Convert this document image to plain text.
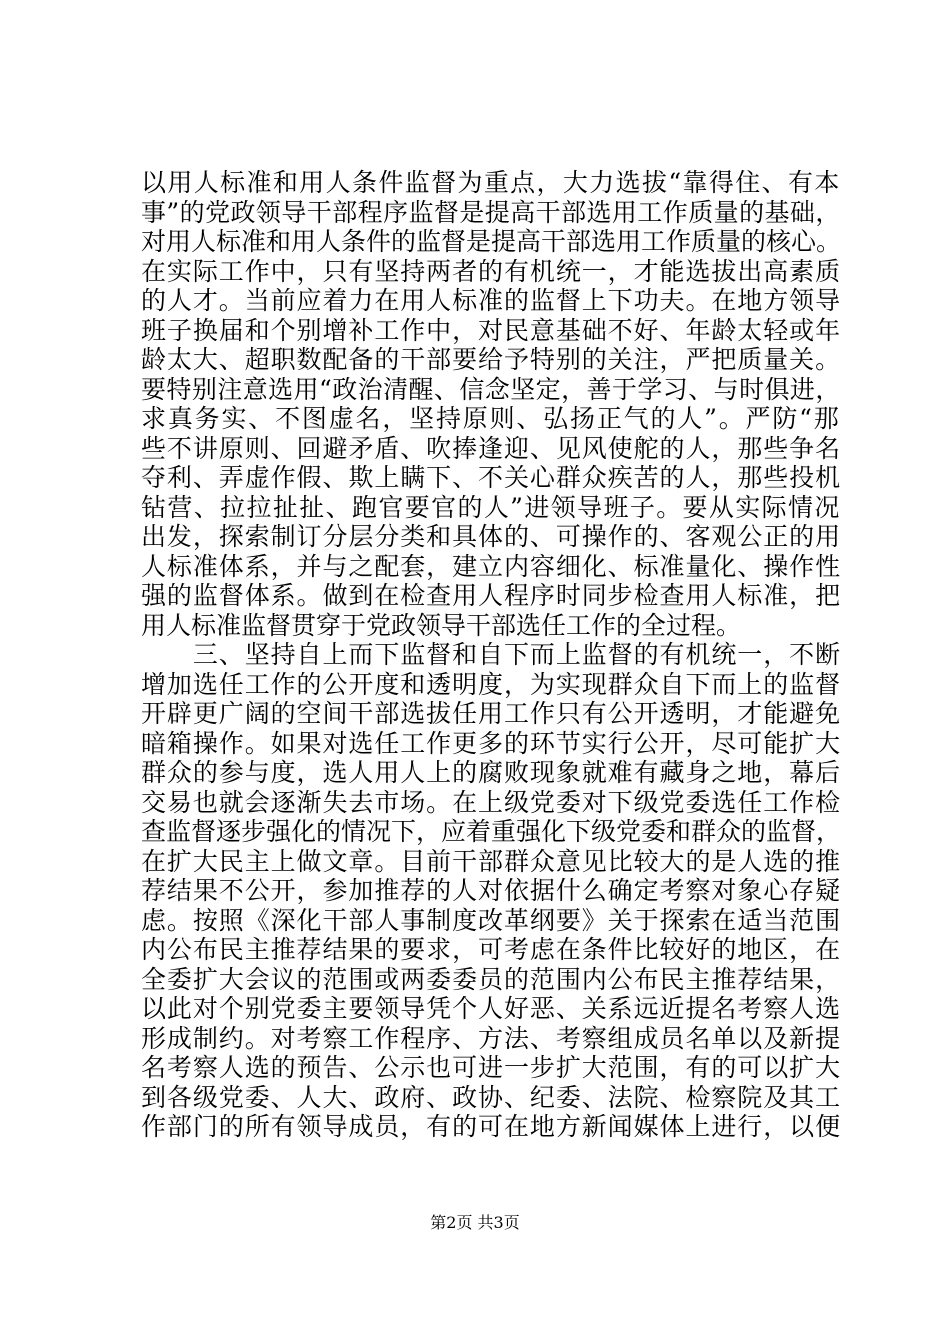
以用人标准和用人条件监督为重点，大力选拔“靠得住、有本
事”的党政领导干部程序监督是提高干部选用工作质量的基础，
对用人标准和用人条件的监督是提高干部选用工作质量的核心。
在实际工作中，只有坚持两者的有机统一，才能选拔出高素质
的人才。当前应着力在用人标准的监督上下功夫。在地方领导
班子换届和个别增补工作中，对民意基础不好、年龄太轻或年
龄太大、超职数配备的干部要给予特别的关注，严把质量关。
要特别注意选用“政治清醒、信念坚定，善于学习、与时俱进，
求真务实、不图虚名，坚持原则、弘扬正气的人”。严防“那
些不讲原则、回避矛盾、吹捧逢迎、见风使舵的人，那些争名
夺利、弄虚作假、欺上瞒下、不关心群众疾苦的人，那些投机
钻营、拉拉扯扯、跑官要官的人”进领导班子。要从实际情况
出发，探索制订分层分类和具体的、可操作的、客观公正的用
人标准体系，并与之配套，建立内容细化、标准量化、操作性
强的监督体系。做到在检查用人程序时同步检查用人标准，把
用人标准监督贯穿于党政领导干部选任工作的全过程。
　　三、坚持自上而下监督和自下而上监督的有机统一，不断
增加选任工作的公开度和透明度，为实现群众自下而上的监督
开辟更广阔的空间干部选拔任用工作只有公开透明，才能避免
暗箱操作。如果对选任工作更多的环节实行公开，尽可能扩大
群众的参与度，选人用人上的腐败现象就难有藏身之地，幕后
交易也就会逐渐失去市场。在上级党委对下级党委选任工作检
查监督逐步强化的情况下，应着重强化下级党委和群众的监督，
在扩大民主上做文章。目前干部群众意见比较大的是人选的推
荐结果不公开，参加推荐的人对依据什么确定考察对象心存疑
虑。按照《深化干部人事制度改革纲要》关于探索在适当范围
内公布民主推荐结果的要求，可考虑在条件比较好的地区，在
全委扩大会议的范围或两委委员的范围内公布民主推荐结果，
以此对个别党委主要领导凭个人好恶、关系远近提名考察人选
形成制约。对考察工作程序、方法、考察组成员名单以及新提
名考察人选的预告、公示也可进一步扩大范围，有的可以扩大
到各级党委、人大、政府、政协、纪委、法院、检察院及其工
作部门的所有领导成员，有的可在地方新闻媒体上进行，以便
第2页 共3页
